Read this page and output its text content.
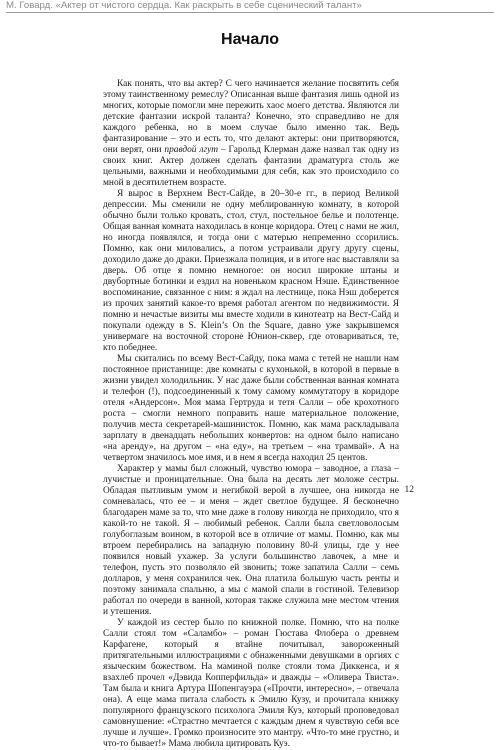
М. Говард. «Актер от чистого сердца. Как раскрыть в себе сценический талант»
Начало

Как понять, что вы актер? С чего начинается желание посвятить себя этому таинственному ремеслу? Описанная выше фантазия лишь одной из многих, которые помогли мне пережить хаос моего детства. Являются ли детские фантазии искрой таланта? Конечно, это справедливо не для каждого ребенка, но в моем случае было именно так. Ведь фантазирование – это и есть то, что делают актеры: они притворяются, они верят, они правдой лгут – Гарольд Клерман даже назвал так одну из своих книг. Актер должен сделать фантазии драматурга столь же цельными, важными и необходимыми для себя, как это происходило со мной в десятилетнем возрасте.

Я вырос в Верхнем Вест-Сайде, в 20–30-е гг., в период Великой депрессии. Мы сменили не одну меблированную комнату, в которой обычно были только кровать, стол, стул, постельное белье и полотенце. Общая ванная комната находилась в конце коридора. Отец с нами не жил, но иногда появлялся, и тогда они с матерью непременно ссорились. Помню, как они миловались, а потом устраивали другу другу сцены, доходило даже до драки. Приезжала полиция, и в итоге нас выставляли за дверь. Об отце я помню немногое: он носил широкие штаны и двубортные ботинки и ездил на новеньком красном Нэше. Единственное воспоминание, связанное с ним: я ждал на лестнице, пока Нэш доберется из прочих занятий какое-то время работал агентом по недвижимости. Я помню и нечастые визиты мы вместе ходили в кинотеатр на Вест-Сайд и покупали одежду в S. Klein’s On the Square, давно уже закрывшемся универмаге на восточной стороне Юнион-сквер, где отовариваться, те, кто победнее.

Мы скитались по всему Вест-Сайду, пока мама с тетей не нашли нам постоянное пристанище: две комнаты с кухонькой, в которой в первые в жизни увидел холодильник. У нас даже были собственная ванная комната и телефон (!), подсоединенный к тому самому коммутатору в коридоре отеля «Андерсон». Моя мама Гертруда и тетя Салли – обе крохотного роста – смогли немного поправить наше материальное положение, получив места секретарей-машинисток. Помню, как мама раскладывала зарплату в двенадцать небольших конвертов: на одном было написано «на аренду», на другом – «на еду», на третьем – «на трамвай». А на четвертом значилось мое имя, и в нем я всегда находил 25 центов.

Характер у мамы был сложный, чувство юмора – заводное, а глаза – лучистые и проницательные. Она была на десять лет моложе сестры. Обладая пытливым умом и негибкой верой в лучшее, она никогда не сомневалась, что ее – и меня – ждет светлое будущее. Я бесконечно благодарен маме за то, что мне даже в голову никогда не приходило, что я какой-то не такой. Я – любимый ребенок. Салли была светловолосым голубоглазым воином, в которой все в отличие от мамы. Помню, как мы втроем перебирались на западную половину 80-й улицы, где у нее появился новый ухажер. За услуги большинство лавочек, а мне и телефон, пусть это позволяло ей звонить; тоже запатила Салли – семь долларов, у меня сохранился чек. Она платила большую часть ренты и поэтому занимала спальню, а мы с мамой спали в гостиной. Телевизор работал по очереди в ванной, которая также служила мне местом чтения и утешения.

У каждой из сестер было по книжной полке. Помню, что на полке Салли стоял том «Саламбо» – роман Гюстава Флобера о древнем Карфагене, который я втайне почитывал, завороженный притягательными иллюстрациями с обнаженными девушками в оргиях с языческим божеством. На маминой полке стояли тома Диккенса, и я взахлеб прочел «Дэвида Копперфильда» и дважды – «Оливера Твиста». Там была и книга Артура Шопенгауэра («Прочти, интересно», – отвечала она). А еще мама питала слабость к Эмилю Кузу, и прочитала книжку популярного французского психолога Эмиля Куэ, который проповедовал самовнушение: «Страстно мечтается с каждым днем я чувствую себя все лучше и лучше». Громко произносите это мантру. «Что-то мне грустно, и что-то бывает!» Мама любила цитировать Куэ.

12
